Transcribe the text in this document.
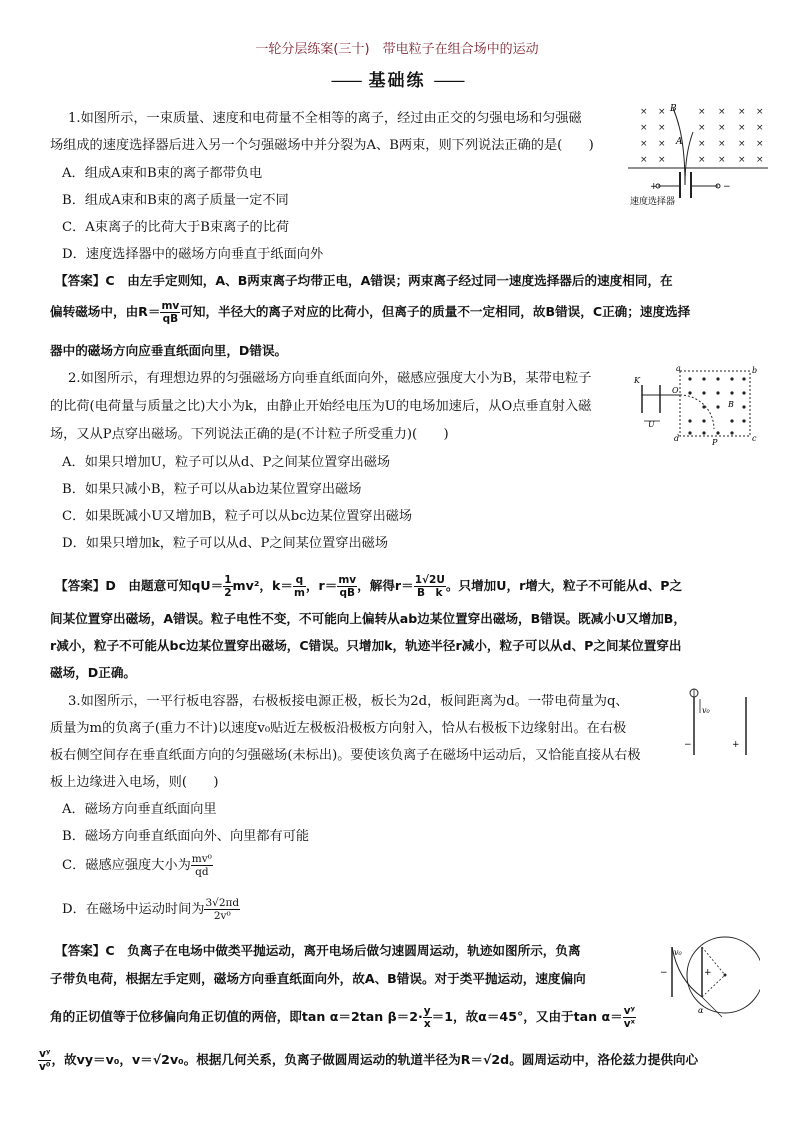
一轮分层练案(三十)　带电粒子在组合场中的运动
—— 基础练 ——
1.如图所示，一束质量、速度和电荷量不全相等的离子，经过由正交的匀强电场和匀强磁
场组成的速度选择器后进入另一个匀强磁场中并分裂为A、B两束，则下列说法正确的是(　　)
A．组成A束和B束的离子都带负电
B．组成A束和B束的离子质量一定不同
C．A束离子的比荷大于B束离子的比荷
D．速度选择器中的磁场方向垂直于纸面向外
× ×	× × × ×
× ×	× × × ×
× ×	× × × ×
× ×	× × × ×
B
A
+	−
速度选择器
【答案】C　由左手定则知，A、B两束离子均带正电，A错误；两束离子经过同一速度选择器后的速度相同，在
偏转磁场中，由$R= \frac{mv}{qB}$ 可知，半径大的离子对应的比荷小，但离子的质量不一定相同，故B错误，C正确；速度选择
器中的磁场方向应垂直纸面向里，D错误。
2.如图所示，有理想边界的匀强磁场方向垂直纸面向外，磁感应强度大小为B，某带电粒子
的比荷(电荷量与质量之比)大小为k，由静止开始经电压为U的电场加速后，从O点垂直射入磁
场，又从P点穿出磁场。下列说法正确的是(不计粒子所受重力)(　　)
A．如果只增加U，粒子可以从d、P之间某位置穿出磁场
B．如果只减小B，粒子可以从ab边某位置穿出磁场
C．如果既减小U又增加B，粒子可以从bc边某位置穿出磁场
D．如果只增加k，粒子可以从d、P之间某位置穿出磁场
U
K
O
a	b
c
d
B
P
【答案】D　由题意可知$qU= \frac{1}{2} mv^2$，$k= \frac{q}{m}$ ，$r= \frac{mv}{qB}$ ，解得$r= \frac{1√2U}{\text{B　k}}$ 。只增加U，r增大，粒子不可能从d、P之
间某位置穿出磁场，A错误。粒子电性不变，不可能向上偏转从ab边某位置穿出磁场，B错误。既减小U又增加B，
r减小，粒子不可能从bc边某位置穿出磁场，C错误。只增加k，轨迹半径r减小，粒子可以从d、P之间某位置穿出
磁场，D正确。
3.如图所示，一平行板电容器，右极板接电源正极，板长为2d，板间距离为d。一带电荷量为q、
质量为m的负离子(重力不计)以速度v₀贴近左极板沿极板方向射入，恰从右极板下边缘射出。在右极
板右侧空间存在垂直纸面方向的匀强磁场(未标出)。要使该负离子在磁场中运动后，又恰能直接从右极
板上边缘进入电场，则(　　)
A．磁场方向垂直纸面向里
B．磁场方向垂直纸面向外、向里都有可能
C．磁感应强度大小为 $\frac{\text{mv⁰}}{qd}$
D．在磁场中运动时间为 $\frac{3√2\pi d}{\text{2v⁰}}$
v₀
−	+
【答案】C　负离子在电场中做类平抛运动，离开电场后做匀速圆周运动，轨迹如图所示，负离
子带负电荷，根据左手定则，磁场方向垂直纸面向外，故A、B错误。对于类平抛运动，速度偏向
角的正切值等于位移偏向角正切值的两倍，即tan α＝2tan $\beta=2\cdot \frac{y}{x} =1$，故α＝45°，又由于$\tan \alpha= \frac{\text{vʸ}}{\text{vˣ}}$
$\frac{\text{vʸ}}{\text{v⁰}}$ ，故vy＝v₀，v＝√2v₀。根据几何关系，负离子做圆周运动的轨道半径为R＝√2d。圆周运动中，洛伦兹力提供向心
v₀
−	+
α
